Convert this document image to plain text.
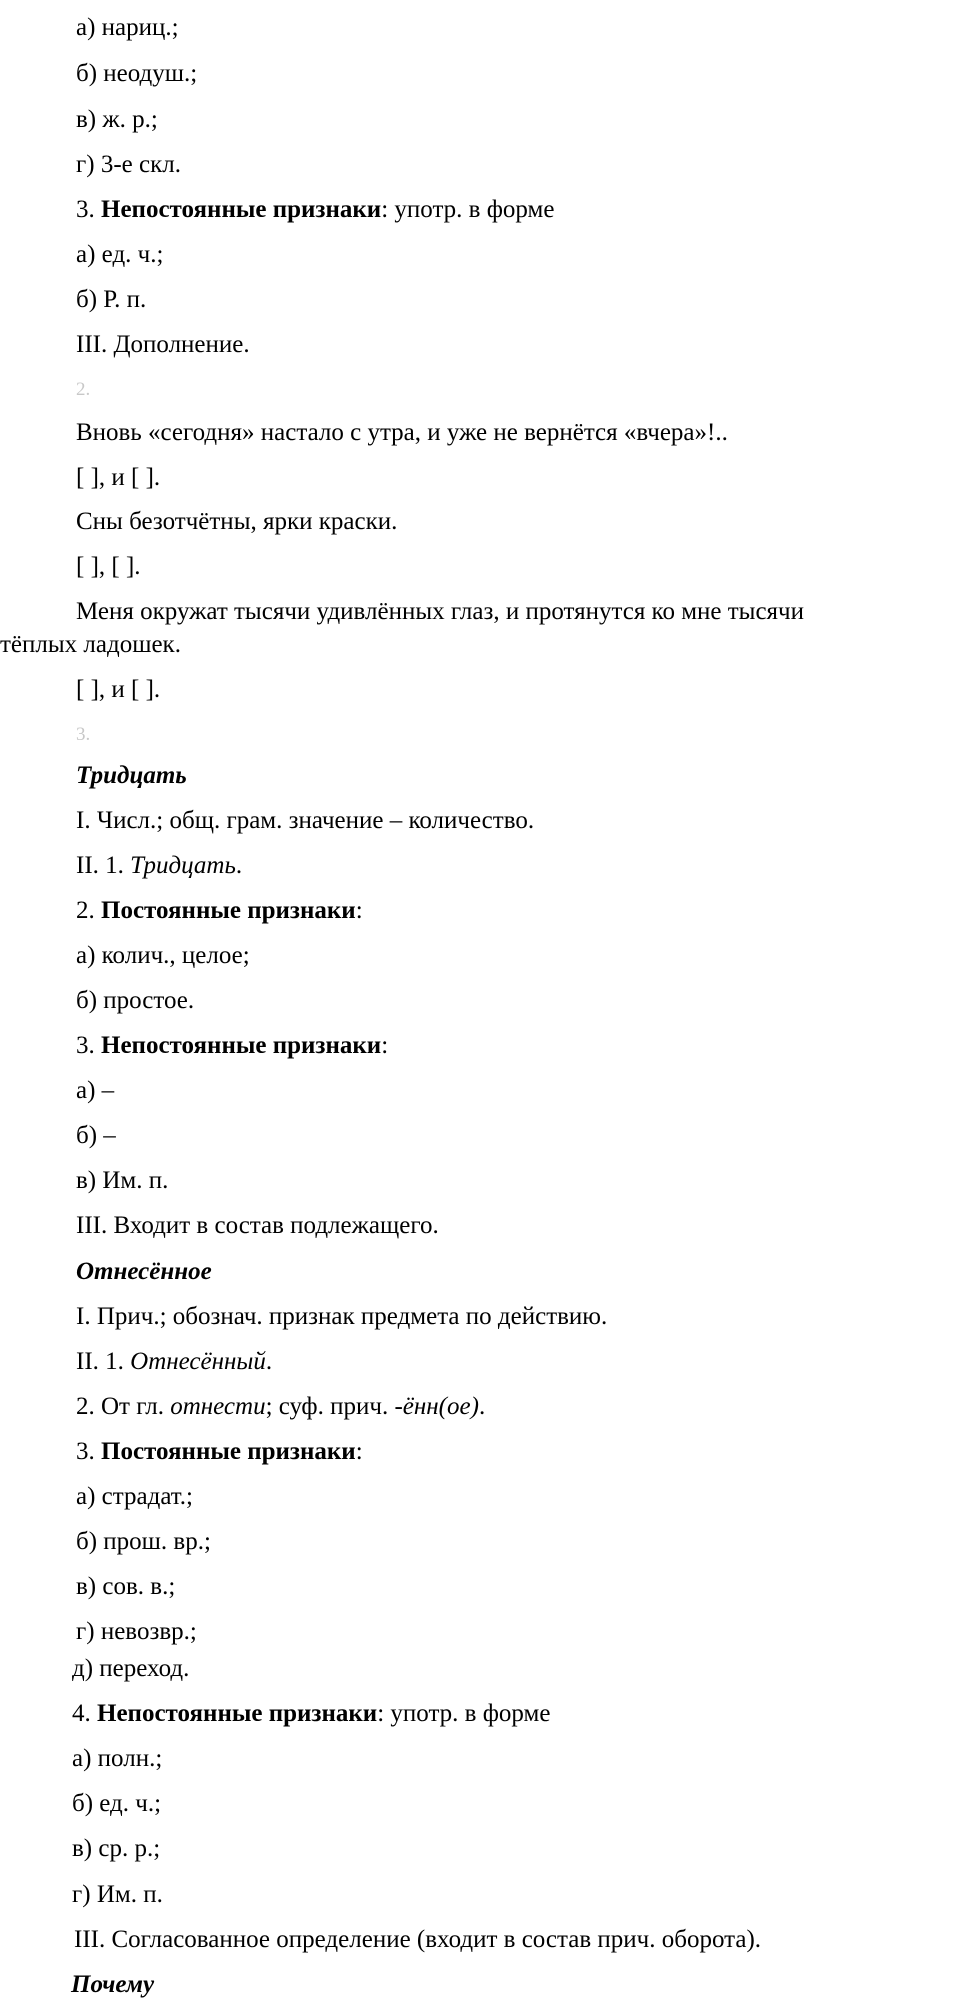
а) нариц.;
б) неодуш.;
в) ж. р.;
г) 3-е скл.
3. Непостоянные признаки: употр. в форме
а) ед. ч.;
б) Р. п.
III. Дополнение.
2.
Вновь «сегодня» настало с утра, и уже не вернётся «вчера»!..
[ ], и [ ].
Сны безотчётны, ярки краски.
[ ], [ ].
Меня окружат тысячи удивлённых глаз, и протянутся ко мне тысячи
тёплых ладошек.
[ ], и [ ].
3.
Тридцать
I. Числ.; общ. грам. значение – количество.
II. 1. Тридцать.
2. Постоянные признаки:
а) колич., целое;
б) простое.
3. Непостоянные признаки:
а) –
б) –
в) Им. п.
III. Входит в состав подлежащего.
Отнесённое
I. Прич.; обознач. признак предмета по действию.
II. 1. Отнесённый.
2. От гл. отнести; суф. прич. -ённ(ое).
3. Постоянные признаки:
а) страдат.;
б) прош. вр.;
в) сов. в.;
г) невозвр.;
д) переход.
4. Непостоянные признаки: употр. в форме
а) полн.;
б) ед. ч.;
в) ср. р.;
г) Им. п.
III. Согласованное определение (входит в состав прич. оборота).
Почему
